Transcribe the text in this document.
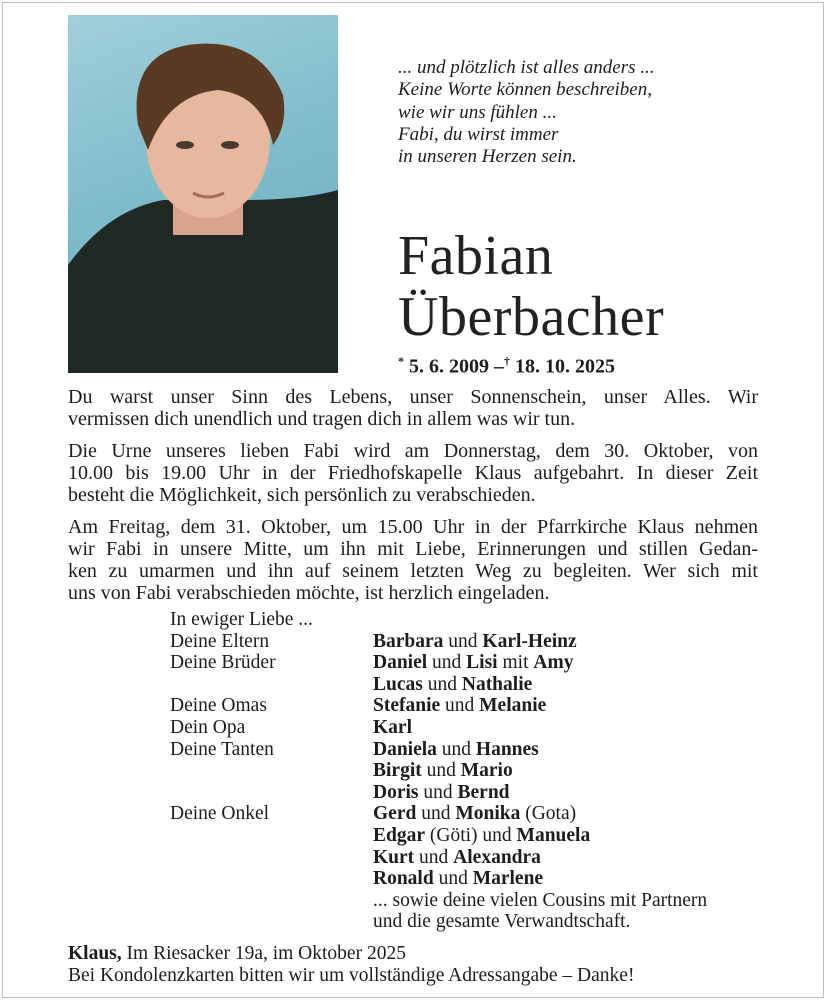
... und plötzlich ist alles anders ...
Keine Worte können beschreiben,
wie wir uns fühlen ...
Fabi, du wirst immer
in unseren Herzen sein.
Fabian
Überbacher
* 5. 6. 2009 –† 18. 10. 2025
Du warst unser Sinn des Lebens, unser Sonnenschein, unser Alles. Wir
vermissen dich unendlich und tragen dich in allem was wir tun.
Die Urne unseres lieben Fabi wird am Donnerstag, dem 30. Oktober, von
10.00 bis 19.00 Uhr in der Friedhofskapelle Klaus aufgebahrt. In dieser Zeit
besteht die Möglichkeit, sich persönlich zu verabschieden.
Am Freitag, dem 31. Oktober, um 15.00 Uhr in der Pfarrkirche Klaus nehmen
wir Fabi in unsere Mitte, um ihn mit Liebe, Erinnerungen und stillen Gedan-
ken zu umarmen und ihn auf seinem letzten Weg zu begleiten. Wer sich mit
uns von Fabi verabschieden möchte, ist herzlich eingeladen.
In ewiger Liebe ...
Deine Eltern	Barbara und Karl-Heinz
Deine Brüder	Daniel und Lisi mit Amy
Lucas und Nathalie
Deine Omas	Stefanie und Melanie
Dein Opa	Karl
Deine Tanten	Daniela und Hannes
Birgit und Mario
Doris und Bernd
Deine Onkel	Gerd und Monika (Gota)
Edgar (Göti) und Manuela
Kurt und Alexandra
Ronald und Marlene
... sowie deine vielen Cousins mit Partnern
und die gesamte Verwandtschaft.
Klaus, Im Riesacker 19a, im Oktober 2025
Bei Kondolenzkarten bitten wir um vollständige Adressangabe – Danke!
